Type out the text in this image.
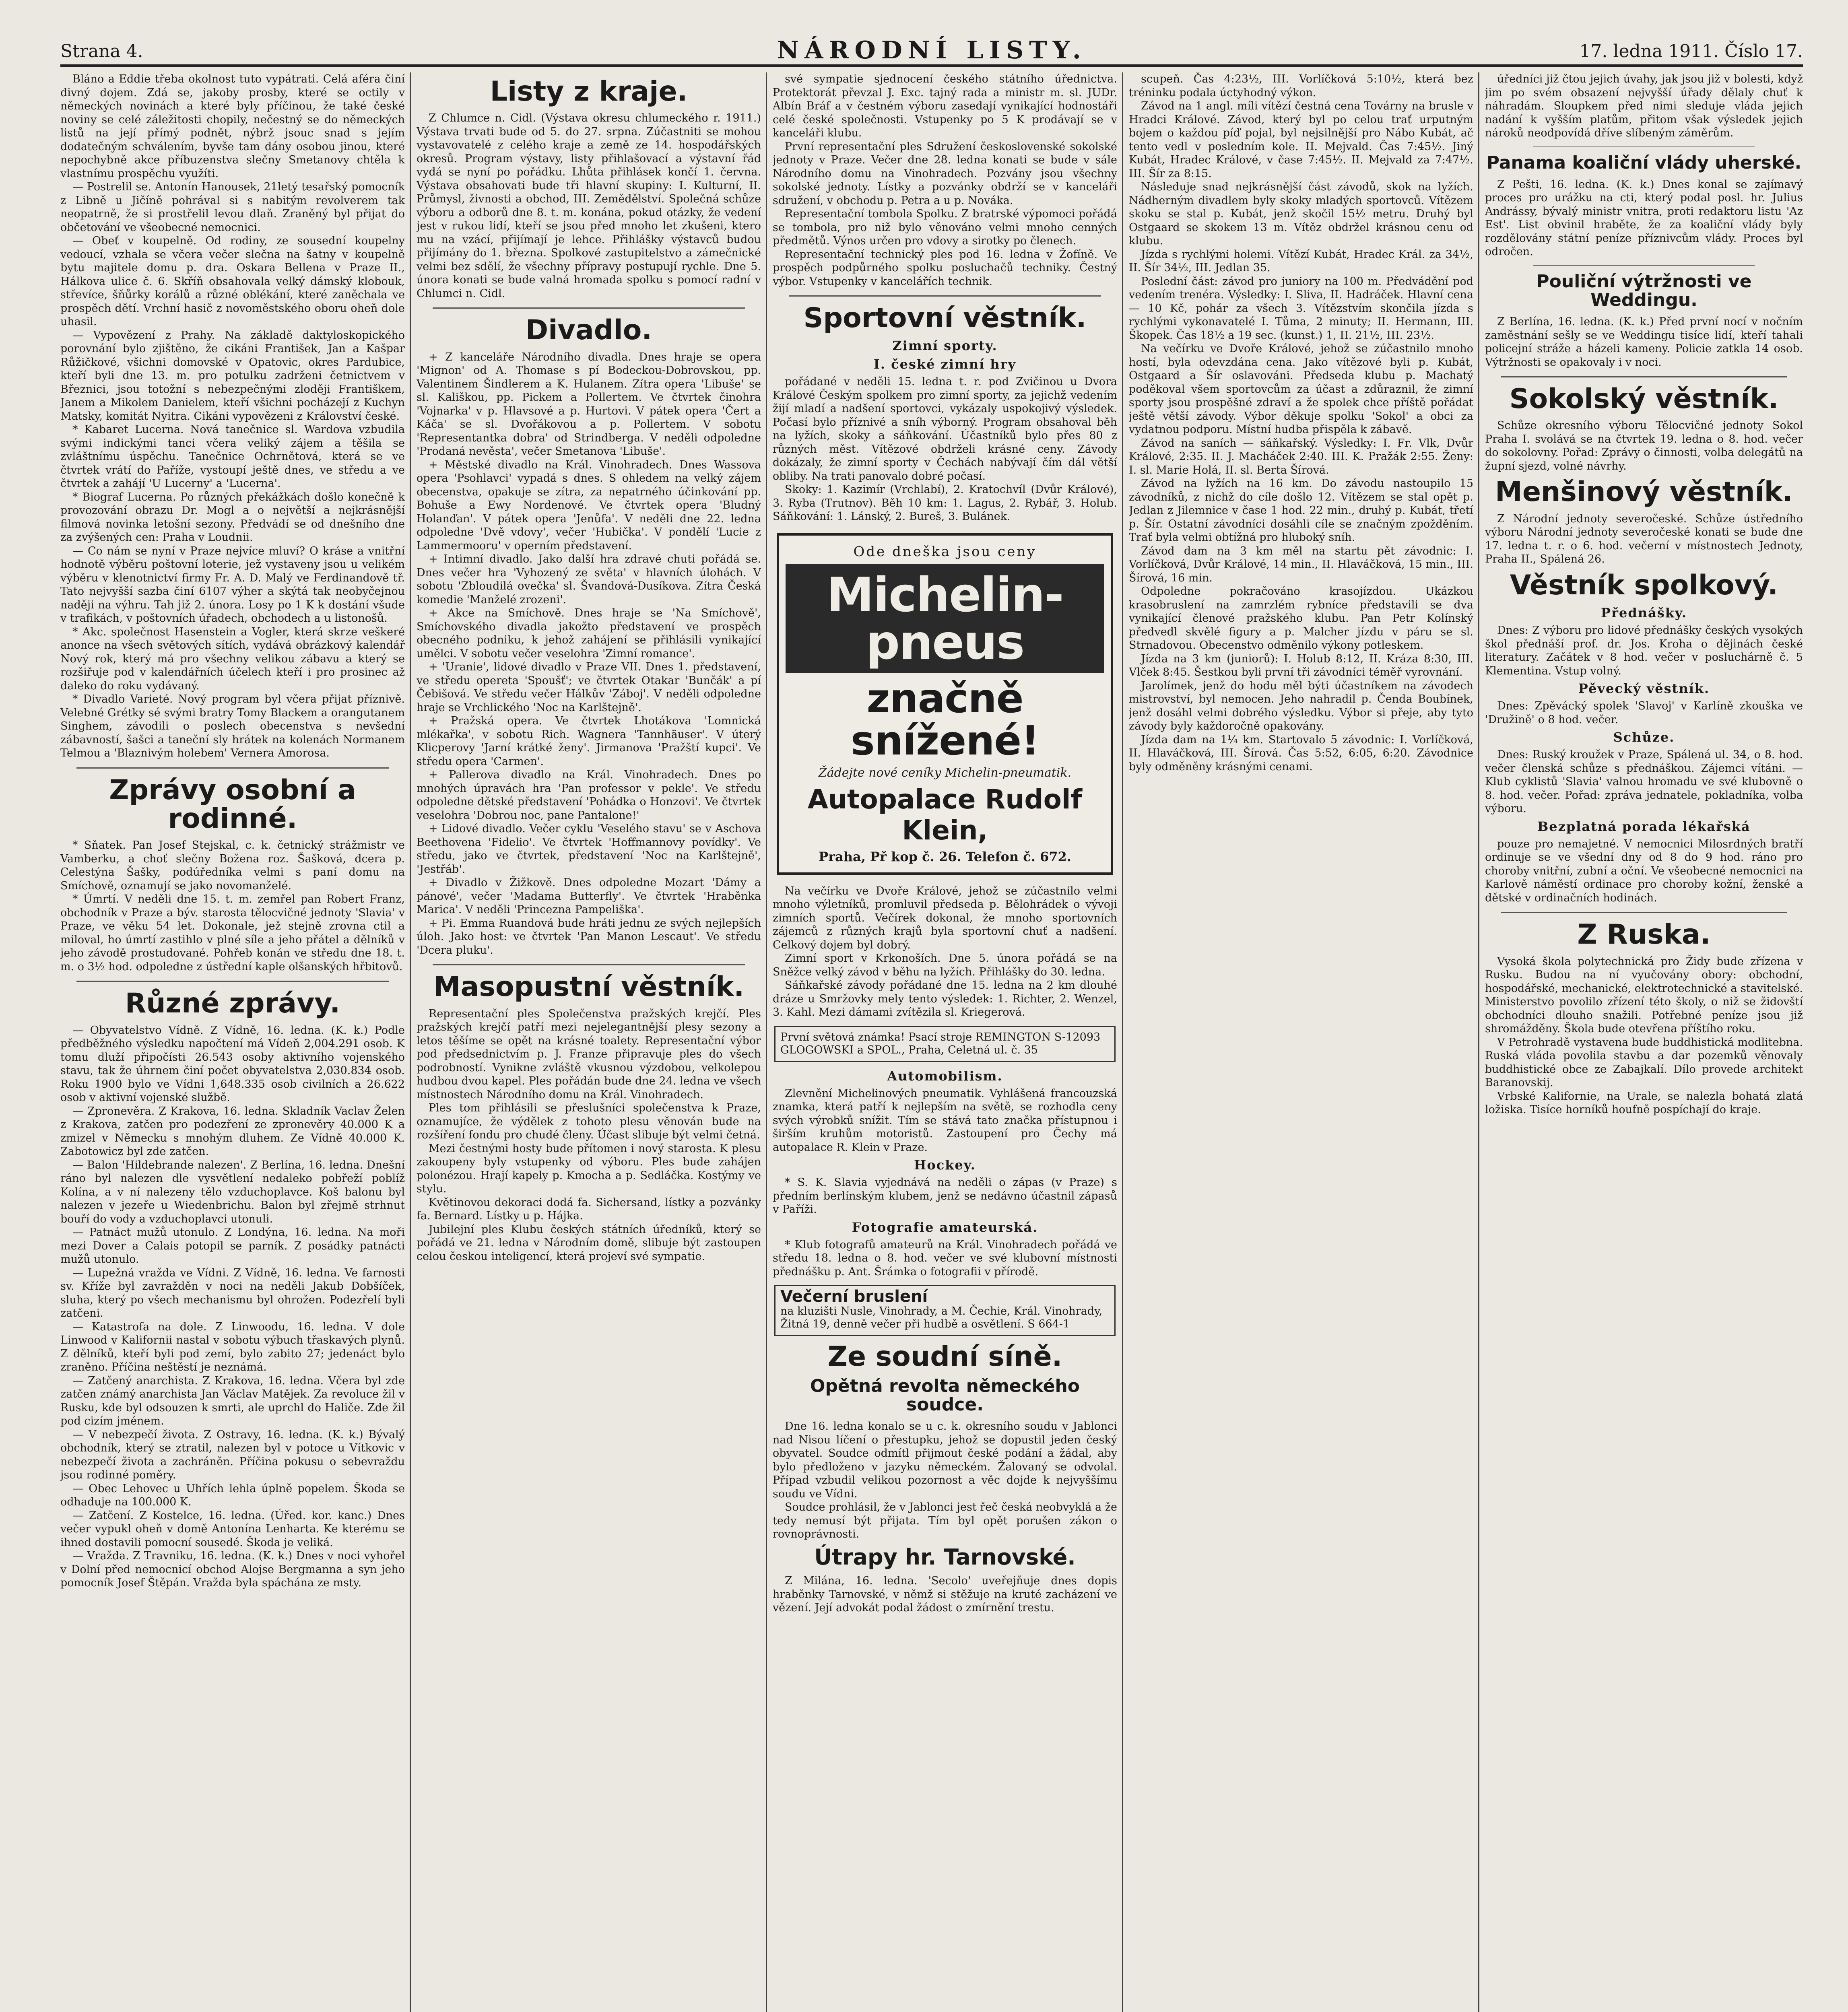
Strana 4.	NÁRODNÍ LISTY.	17. ledna 1911. Číslo 17.

Bláno a Eddie třeba okolnost tuto vypátrati. Celá aféra činí divný dojem. Zdá se, jakoby prosby, které se octily v německých novinách a které byly příčinou, že také české noviny se celé záležitosti chopily, nečestný se do německých listů na její přímý podnět, nýbrž jsouc snad s jejím dodatečným schválením, byvše tam dány osobou jinou, které nepochybně akce příbuzenstva slečny Smetanovy chtěla k vlastnímu prospěchu využíti.

— Postrelil se. Antonín Hanousek, 21letý tesařský pomocník z Libně u Jičíně pohrával si s nabitým revolverem tak neopatrně, že si prostřelil levou dlaň. Zraněný byl přijat do občetování ve všeobecné nemocnici.

— Obeť v koupelně. Od rodiny, ze sousední koupelny vedoucí, vzhala se včera večer slečna na šatny v koupelně bytu majitele domu p. dra. Oskara Bellena v Praze II., Hálkova ulice č. 6. Skříň obsahovala velký dámský klobouk, střevíce, šňůrky korálů a různé oblékání, které zaněchala ve prospěch dětí. Vrchní hasič z novoměstského oboru oheň dole uhasil.

— Vypovězení z Prahy. Na základě daktyloskopického porovnání bylo zjištěno, že cikáni František, Jan a Kašpar Růžičkové, všichni domovské v Opatovic, okres Pardubice, kteří byli dne 13. m. pro potulku zadrženi četnictvem v Březnici, jsou totožní s nebezpečnými zloději Františkem, Janem a Mikolem Danielem, kteří všichni pocházejí z Kuchyn Matsky, komitát Nyitra. Cikáni vypovězeni z Království české.

* Kabaret Lucerna. Nová tanečnice sl. Wardova vzbudila svými indickými tanci včera veliký zájem a těšila se zvláštnímu úspěchu. Tanečnice Ochrnětová, která se ve čtvrtek vrátí do Paříže, vystoupí ještě dnes, ve středu a ve čtvrtek a zahájí 'U Lucerny' a 'Lucerna'.

* Biograf Lucerna. Po různých překážkách došlo konečně k provozování obrazu Dr. Mogl a o největší a nejkrásnější filmová novinka letošní sezony. Předvádí se od dnešního dne za zvýšených cen: Praha v Loudnii.

— Co nám se nyní v Praze nejvíce mluví? O kráse a vnitřní hodnotě výběru poštovní loterie, jež vystaveny jsou u velikém výběru v klenotnictví firmy Fr. A. D. Malý ve Ferdinandově tř. Tato nejvyšší sazba činí 6107 výher a skýtá tak neobyčejnou naději na výhru. Tah již 2. února. Losy po 1 K k dostání všude v trafikách, v poštovních úřadech, obchodech a u listonošů.

* Akc. společnost Hasenstein a Vogler, která skrze veškeré anonce na všech světových sítích, vydává obrázkový kalendář Nový rok, který má pro všechny velikou zábavu a který se rozšiřuje pod v kalendářních účelech kteří i pro prosinec až daleko do roku vydávaný.

* Divadlo Varieté. Nový program byl včera přijat příznivě. Velebné Grétky sé svými bratry Tomy Blackem a orangutanem Singhem, závodili o poslech obecenstva s nevšední zábavností, šašci a taneční sly hrátek na kolenách Normanem Telmou a 'Blaznivým holebem' Vernera Amorosa.

Zprávy osobní a rodinné.

* Sňatek. Pan Josef Stejskal, c. k. četnický strážmistr ve Vamberku, a choť slečny Božena roz. Šašková, dcera p. Celestýna Šašky, podúředníka velmi s paní domu na Smíchově, oznamují se jako novomanželé.

* Úmrtí. V neděli dne 15. t. m. zemřel pan Robert Franz, obchodník v Praze a býv. starosta tělocvičné jednoty 'Slavia' v Praze, ve věku 54 let. Dokonale, jež stejně zrovna ctil a miloval, ho úmrtí zastihlo v plné síle a jeho přátel a dělníků v jeho závodě prostudované. Pohřeb konán ve středu dne 18. t. m. o 3½ hod. odpoledne z ústřední kaple olšanských hřbitovů.

Různé zprávy.

— Obyvatelstvo Vídně. Z Vídně, 16. ledna. (K. k.) Podle předběžného výsledku napočtení má Vídeň 2,004.291 osob. K tomu dluží připočísti 26.543 osoby aktivního vojenského stavu, tak že úhrnem činí počet obyvatelstva 2,030.834 osob. Roku 1900 bylo ve Vídni 1,648.335 osob civilních a 26.622 osob v aktivní vojenské službě.

— Zpronevěra. Z Krakova, 16. ledna. Skladník Vaclav Želen z Krakova, zatčen pro podezření ze zpronevěry 40.000 K a zmizel v Německu s mnohým dluhem. Ze Vídně 40.000 K. Zabotowicz byl zde zatčen.

— Balon 'Hildebrande nalezen'. Z Berlína, 16. ledna. Dnešní ráno byl nalezen dle vysvětlení nedaleko pobřeží poblíž Kolína, a v ní nalezeny tělo vzduchoplavce. Koš balonu byl nalezen v jezeře u Wiedenbrichu. Balon byl zřejmě strhnut bouří do vody a vzduchoplavci utonuli.

— Patnáct mužů utonulo. Z Londýna, 16. ledna. Na moři mezi Dover a Calais potopil se parník. Z posádky patnácti mužů utonulo.

— Lupežná vražda ve Vídni. Z Vídně, 16. ledna. Ve farnosti sv. Kříže byl zavražděn v noci na neděli Jakub Dobšíček, sluha, který po všech mechanismu byl ohrožen. Podezřelí byli zatčeni.

— Katastrofa na dole. Z Linwoodu, 16. ledna. V dole Linwood v Kalifornii nastal v sobotu výbuch třaskavých plynů. Z dělníků, kteří byli pod zemí, bylo zabito 27; jedenáct bylo zraněno. Příčina neštěstí je neznámá.

— Zatčený anarchista. Z Krakova, 16. ledna. Včera byl zde zatčen známý anarchista Jan Václav Matějek. Za revoluce žil v Rusku, kde byl odsouzen k smrti, ale uprchl do Haliče. Zde žil pod cizím jménem.

— V nebezpečí života. Z Ostravy, 16. ledna. (K. k.) Bývalý obchodník, který se ztratil, nalezen byl v potoce u Vítkovic v nebezpečí života a zachráněn. Příčina pokusu o sebevraždu jsou rodinné poměry.

— Obec Lehovec u Uhřích lehla úplně popelem. Škoda se odhaduje na 100.000 K.

— Zatčení. Z Kostelce, 16. ledna. (Úřed. kor. kanc.) Dnes večer vypukl oheň v domě Antonína Lenharta. Ke kterému se ihned dostavili pomocní sousedé. Škoda je veliká.

— Vražda. Z Travniku, 16. ledna. (K. k.) Dnes v noci vyhořel v Dolní před nemocnicí obchod Alojse Bergmanna a syn jeho pomocník Josef Štěpán. Vražda byla spáchána ze msty.

Listy z kraje.

Z Chlumce n. Cidl. (Výstava okresu chlumeckého r. 1911.) Výstava trvati bude od 5. do 27. srpna. Zúčastniti se mohou vystavovatelé z celého kraje a země ze 14. hospodářských okresů. Program výstavy, listy přihlašovací a výstavní řád vydá se nyní po pořádku. Lhůta přihlásek končí 1. června. Výstava obsahovati bude tři hlavní skupiny: I. Kulturní, II. Průmysl, živnosti a obchod, III. Zemědělství. Společná schůze výboru a odborů dne 8. t. m. konána, pokud otázky, že vedení jest v rukou lidí, kteří se jsou před mnoho let zkušeni, ktero mu na vzácí, přijímají je lehce. Přihlášky výstavců budou přijímány do 1. března. Spolkové zastupitelstvo a zámečnické velmi bez sdělí, že všechny přípravy postupují rychle. Dne 5. února konati se bude valná hromada spolku s pomocí radní v Chlumci n. Cidl.

Divadlo.

+ Z kanceláře Národního divadla. Dnes hraje se opera 'Mignon' od A. Thomase s pí Bodeckou-Dobrovskou, pp. Valentinem Šindlerem a K. Hulanem. Zítra opera 'Libuše' se sl. Kališkou, pp. Pickem a Pollertem. Ve čtvrtek činohra 'Vojnarka' v p. Hlavsové a p. Hurtovi. V pátek opera 'Čert a Káča' se sl. Dvořákovou a p. Pollertem. V sobotu 'Representantka dobra' od Strindberga. V neděli odpoledne 'Prodaná nevěsta', večer Smetanova 'Libuše'.

+ Městské divadlo na Král. Vinohradech. Dnes Wassova opera 'Psohlavci' vypadá s dnes. S ohledem na velký zájem obecenstva, opakuje se zítra, za nepatrného účinkování pp. Bohuše a Ewy Nordenové. Ve čtvrtek opera 'Bludný Holanďan'. V pátek opera 'Jenůfa'. V neděli dne 22. ledna odpoledne 'Dvě vdovy', večer 'Hubička'. V pondělí 'Lucie z Lammermooru' v operním představení.

+ Intimní divadlo. Jako další hra zdravé chuti pořádá se. Dnes večer hra 'Vyhozený ze světa' v hlavních úlohách. V sobotu 'Zbloudilá ovečka' sl. Švandová-Dusíkova. Zítra Česká komedie 'Manželé zrozeni'.

+ Akce na Smíchově. Dnes hraje se 'Na Smíchově', Smíchovského divadla jakožto představení ve prospěch obecného podniku, k jehož zahájení se přihlásili vynikající umělci. V sobotu večer veselohra 'Zimní romance'.

+ 'Uranie', lidové divadlo v Praze VII. Dnes 1. představení, ve středu opereta 'Spoušť'; ve čtvrtek Otakar 'Bunčák' a pí Čebišová. Ve středu večer Hálkův 'Záboj'. V neděli odpoledne hraje se Vrchlického 'Noc na Karlštejně'.

+ Pražská opera. Ve čtvrtek Lhotákova 'Lomnická mlékařka', v sobotu Rich. Wagnera 'Tannhäuser'. V úterý Klicperovy 'Jarní krátké ženy'. Jirmanova 'Pražští kupci'. Ve středu opera 'Carmen'.

+ Pallerova divadlo na Král. Vinohradech. Dnes po mnohých úpravách hra 'Pan professor v pekle'. Ve středu odpoledne dětské představení 'Pohádka o Honzovi'. Ve čtvrtek veselohra 'Dobrou noc, pane Pantalone!'

+ Lidové divadlo. Večer cyklu 'Veselého stavu' se v Aschova Beethovena 'Fidelio'. Ve čtvrtek 'Hoffmannovy povídky'. Ve středu, jako ve čtvrtek, představení 'Noc na Karlštejně', 'Jestřáb'.

+ Divadlo v Žižkově. Dnes odpoledne Mozart 'Dámy a pánové', večer 'Madama Butterfly'. Ve čtvrtek 'Hraběnka Marica'. V neděli 'Princezna Pampeliška'.

+ Pi. Emma Ruandová bude hráti jednu ze svých nejlepších úloh. Jako host: ve čtvrtek 'Pan Manon Lescaut'. Ve středu 'Dcera pluku'.

Masopustní věstník.

Representační ples Společenstva pražských krejčí. Ples pražských krejčí patří mezi nejelegantnější plesy sezony a letos těšíme se opět na krásné toalety. Representační výbor pod předsednictvím p. J. Franze připravuje ples do všech podrobností. Vynikne zvláště vkusnou výzdobou, velkolepou hudbou dvou kapel. Ples pořádán bude dne 24. ledna ve všech místnostech Národního domu na Král. Vinohradech.

Ples tom přihlásili se přeslušníci společenstva k Praze, oznamujíce, že výdělek z tohoto plesu věnován bude na rozšíření fondu pro chudé členy. Účast slibuje být velmi četná.

Mezi čestnými hosty bude přítomen i nový starosta. K plesu zakoupeny byly vstupenky od výboru. Ples bude zahájen polonézou. Hrají kapely p. Kmocha a p. Sedláčka. Kostýmy ve stylu.

Květinovou dekoraci dodá fa. Sichersand, lístky a pozvánky fa. Bernard. Lístky u p. Hájka.

Jubilejní ples Klubu českých státních úředníků, který se pořádá ve 21. ledna v Národním domě, slibuje být zastoupen celou českou inteligencí, která projeví své sympatie.

své sympatie sjednocení českého státního úřednictva. Protektorát převzal J. Exc. tajný rada a ministr m. sl. JUDr. Albín Bráf a v čestném výboru zasedají vynikající hodnostáři celé české společnosti. Vstupenky po 5 K prodávají se v kanceláři klubu.

První representační ples Sdružení československé sokolské jednoty v Praze. Večer dne 28. ledna konati se bude v sále Národního domu na Vinohradech. Pozvány jsou všechny sokolské jednoty. Lístky a pozvánky obdrží se v kanceláři sdružení, v obchodu p. Petra a u p. Nováka.

Representační tombola Spolku. Z bratrské výpomoci pořádá se tombola, pro niž bylo věnováno velmi mnoho cenných předmětů. Výnos určen pro vdovy a sirotky po členech.

Representační technický ples pod 16. ledna v Žofíně. Ve prospěch podpůrného spolku posluchačů techniky. Čestný výbor. Vstupenky v kancelářích technik.

Sportovní věstník.
Zimní sporty.
I. české zimní hry

pořádané v neděli 15. ledna t. r. pod Zvičinou u Dvora Králové Českým spolkem pro zimní sporty, za jejichž vedením žijí mladí a nadšení sportovci, vykázaly uspokojivý výsledek. Počasí bylo příznivé a sníh výborný. Program obsahoval běh na lyžích, skoky a sáňkování. Účastníků bylo přes 80 z různých měst. Vítězové obdrželi krásné ceny. Závody dokázaly, že zimní sporty v Čechách nabývají čím dál větší obliby. Na trati panovalo dobré počasí.

Skoky: 1. Kazimír (Vrchlabí), 2. Kratochvíl (Dvůr Králové), 3. Ryba (Trutnov). Běh 10 km: 1. Lagus, 2. Rybář, 3. Holub. Sáňkování: 1. Lánský, 2. Bureš, 3. Bulánek.

Ode dneška jsou ceny
Michelin-pneus
značně snížené!
Žádejte nové ceníky Michelin-pneumatik.
Autopalace Rudolf Klein,
Praha, Př kop č. 26. Telefon č. 672.

Na večírku ve Dvoře Králové, jehož se zúčastnilo velmi mnoho výletníků, promluvil předseda p. Bělohrádek o vývoji zimních sportů. Večírek dokonal, že mnoho sportovních zájemců z různých krajů byla sportovní chuť a nadšení. Celkový dojem byl dobrý.

Zimní sport v Krkonoších. Dne 5. února pořádá se na Sněžce velký závod v běhu na lyžích. Přihlášky do 30. ledna.

Sáňkařské závody pořádané dne 15. ledna na 2 km dlouhé dráze u Smržovky mely tento výsledek: 1. Richter, 2. Wenzel, 3. Kahl. Mezi dámami zvítězila sl. Kriegerová.

První světová známka! Psací stroje REMINGTON S-12093 GLOGOWSKI a SPOL., Praha, Celetná ul. č. 35
Automobilism.

Zlevnění Michelinových pneumatik. Vyhlášená francouzská znamka, která patří k nejlepším na světě, se rozhodla ceny svých výrobků snížit. Tím se stává tato značka přístupnou i širším kruhům motoristů. Zastoupení pro Čechy má autopalace R. Klein v Praze.

Hockey.

* S. K. Slavia vyjednává na neděli o zápas (v Praze) s předním berlínským klubem, jenž se nedávno účastnil zápasů v Paříži.

Fotografie amateurská.

* Klub fotografů amateurů na Král. Vinohradech pořádá ve středu 18. ledna o 8. hod. večer ve své klubovní místnosti přednášku p. Ant. Šrámka o fotografii v přírodě.

Večerní bruslení
na kluzišti Nusle, Vinohrady, a M. Čechie, Král. Vinohrady, Žitná 19, denně večer při hudbě a osvětlení. S 664-1
Ze soudní síně.
Opětná revolta německého soudce.

Dne 16. ledna konalo se u c. k. okresního soudu v Jablonci nad Nisou líčení o přestupku, jehož se dopustil jeden český obyvatel. Soudce odmítl přijmout české podání a žádal, aby bylo předloženo v jazyku německém. Žalovaný se odvolal. Případ vzbudil velikou pozornost a věc dojde k nejvyššímu soudu ve Vídni.

Soudce prohlásil, že v Jablonci jest řeč česká neobvyklá a že tedy nemusí být přijata. Tím byl opět porušen zákon o rovnoprávnosti.

Útrapy hr. Tarnovské.

Z Milána, 16. ledna. 'Secolo' uveřejňuje dnes dopis hraběnky Tarnovské, v němž si stěžuje na kruté zacházení ve vězení. Její advokát podal žádost o zmírnění trestu.

scupeň. Čas 4:23½, III. Vorlíčková 5:10½, která bez tréninku podala úctyhodný výkon.

Závod na 1 angl. míli vítězí čestná cena Továrny na brusle v Hradci Králové. Závod, který byl po celou trať urputným bojem o každou píď pojal, byl nejsilnější pro Nábo Kubát, ač tento vedl v posledním kole. II. Mejvald. Čas 7:45½. Jiný Kubát, Hradec Králové, v čase 7:45½. II. Mejvald za 7:47½. III. Šír za 8:15.

Následuje snad nejkrásnější část závodů, skok na lyžích. Nádherným divadlem byly skoky mladých sportovců. Vítězem skoku se stal p. Kubát, jenž skočil 15½ metru. Druhý byl Ostgaard se skokem 13 m. Vítěz obdržel krásnou cenu od klubu.

Jízda s rychlými holemi. Vítězí Kubát, Hradec Král. za 34½, II. Šír 34½, III. Jedlan 35.

Poslední část: závod pro juniory na 100 m. Předvádění pod vedením trenéra. Výsledky: I. Sliva, II. Hadráček. Hlavní cena — 10 Kč, pohár za všech 3. Vítězstvím skončila jízda s rychlými vykonavatelé I. Tůma, 2 minuty; II. Hermann, III. Škopek. Čas 18½ a 19 sec. (kunst.) 1, II. 21½, III. 23½.

Na večírku ve Dvoře Králové, jehož se zúčastnilo mnoho hostí, byla odevzdána cena. Jako vítězové byli p. Kubát, Ostgaard a Šír oslavováni. Předseda klubu p. Machatý poděkoval všem sportovcům za účast a zdůraznil, že zimní sporty jsou prospěšné zdraví a že spolek chce příště pořádat ještě větší závody. Výbor děkuje spolku 'Sokol' a obci za vydatnou podporu. Místní hudba přispěla k zábavě.

Závod na saních — sáňkařský. Výsledky: I. Fr. Vlk, Dvůr Králové, 2:35. II. J. Macháček 2:40. III. K. Pražák 2:55. Ženy: I. sl. Marie Holá, II. sl. Berta Šírová.

Závod na lyžích na 16 km. Do závodu nastoupilo 15 závodníků, z nichž do cíle došlo 12. Vítězem se stal opět p. Jedlan z Jilemnice v čase 1 hod. 22 min., druhý p. Kubát, třetí p. Šír. Ostatní závodníci dosáhli cíle se značným zpožděním. Trať byla velmi obtížná pro hluboký sníh.

Závod dam na 3 km měl na startu pět závodnic: I. Vorlíčková, Dvůr Králové, 14 min., II. Hlaváčková, 15 min., III. Šírová, 16 min.

Odpoledne pokračováno krasojízdou. Ukázkou krasobruslení na zamrzlém rybníce představili se dva vynikající členové pražského klubu. Pan Petr Kolínský předvedl skvělé figury a p. Malcher jízdu v páru se sl. Strnadovou. Obecenstvo odměnilo výkony potleskem.

Jízda na 3 km (juniorů): I. Holub 8:12, II. Kráza 8:30, III. Vlček 8:45. Šestkou byli první tři závodníci téměř vyrovnání.

Jarolímek, jenž do hodu měl býti účastníkem na závodech mistrovství, byl nemocen. Jeho nahradil p. Čenda Boubínek, jenž dosáhl velmi dobrého výsledku. Výbor si přeje, aby tyto závody byly každoročně opakovány.

Jízda dam na 1¼ km. Startovalo 5 závodnic: I. Vorlíčková, II. Hlaváčková, III. Šírová. Čas 5:52, 6:05, 6:20. Závodnice byly odměněny krásnými cenami.

úředníci již čtou jejich úvahy, jak jsou již v bolesti, když jim po svém obsazení nejvyšší úřady dělaly chuť k náhradám. Sloupkem před nimi sleduje vláda jejich nadání k vyšším platům, přitom však výsledek jejich nároků neodpovídá dříve slíbeným záměrům.

Panama koaliční vlády uherské.

Z Pešti, 16. ledna. (K. k.) Dnes konal se zajímavý proces pro urážku na cti, který podal posl. hr. Julius Andrássy, bývalý ministr vnitra, proti redaktoru listu 'Az Est'. List obvinil hraběte, že za koaliční vlády byly rozdělovány státní peníze příznivcům vlády. Proces byl odročen.

Pouliční výtržnosti ve Weddingu.

Z Berlína, 16. ledna. (K. k.) Před první nocí v nočním zaměstnání sešly se ve Weddingu tisíce lidí, kteří tahali policejní stráže a házeli kameny. Policie zatkla 14 osob. Výtržnosti se opakovaly i v noci.

Sokolský věstník.

Schůze okresního výboru Tělocvičné jednoty Sokol Praha I. svolává se na čtvrtek 19. ledna o 8. hod. večer do sokolovny. Pořad: Zprávy o činnosti, volba delegátů na župní sjezd, volné návrhy.

Menšinový věstník.

Z Národní jednoty severočeské. Schůze ústředního výboru Národní jednoty severočeské konati se bude dne 17. ledna t. r. o 6. hod. večerní v místnostech Jednoty, Praha II., Spálená 26.

Věstník spolkový.
Přednášky.

Dnes: Z výboru pro lidové přednášky českých vysokých škol přednáší prof. dr. Jos. Kroha o dějinách české literatury. Začátek v 8 hod. večer v posluchárně č. 5 Klementina. Vstup volný.

Pěvecký věstník.

Dnes: Zpěvácký spolek 'Slavoj' v Karlíně zkouška ve 'Družině' o 8 hod. večer.

Schůze.

Dnes: Ruský kroužek v Praze, Spálená ul. 34, o 8. hod. večer členská schůze s přednáškou. Zájemci vítáni. — Klub cyklistů 'Slavia' valnou hromadu ve své klubovně o 8. hod. večer. Pořad: zpráva jednatele, pokladníka, volba výboru.

Bezplatná porada lékařská

pouze pro nemajetné. V nemocnici Milosrdných bratří ordinuje se ve všední dny od 8 do 9 hod. ráno pro choroby vnitřní, zubní a oční. Ve všeobecné nemocnici na Karlově náměstí ordinace pro choroby kožní, ženské a dětské v ordinačních hodinách.

Z Ruska.

Vysoká škola polytechnická pro Židy bude zřízena v Rusku. Budou na ní vyučovány obory: obchodní, hospodářské, mechanické, elektrotechnické a stavitelské. Ministerstvo povolilo zřízení této školy, o niž se židovští obchodníci dlouho snažili. Potřebné peníze jsou již shromážděny. Škola bude otevřena příštího roku.

V Petrohradě vystavena bude buddhistická modlitebna. Ruská vláda povolila stavbu a dar pozemků věnovaly buddhistické obce ze Zabajkalí. Dílo provede architekt Baranovskij.

Vrbské Kalifornie, na Urale, se nalezla bohatá zlatá ložiska. Tisíce horníků houfně pospíchají do kraje.
